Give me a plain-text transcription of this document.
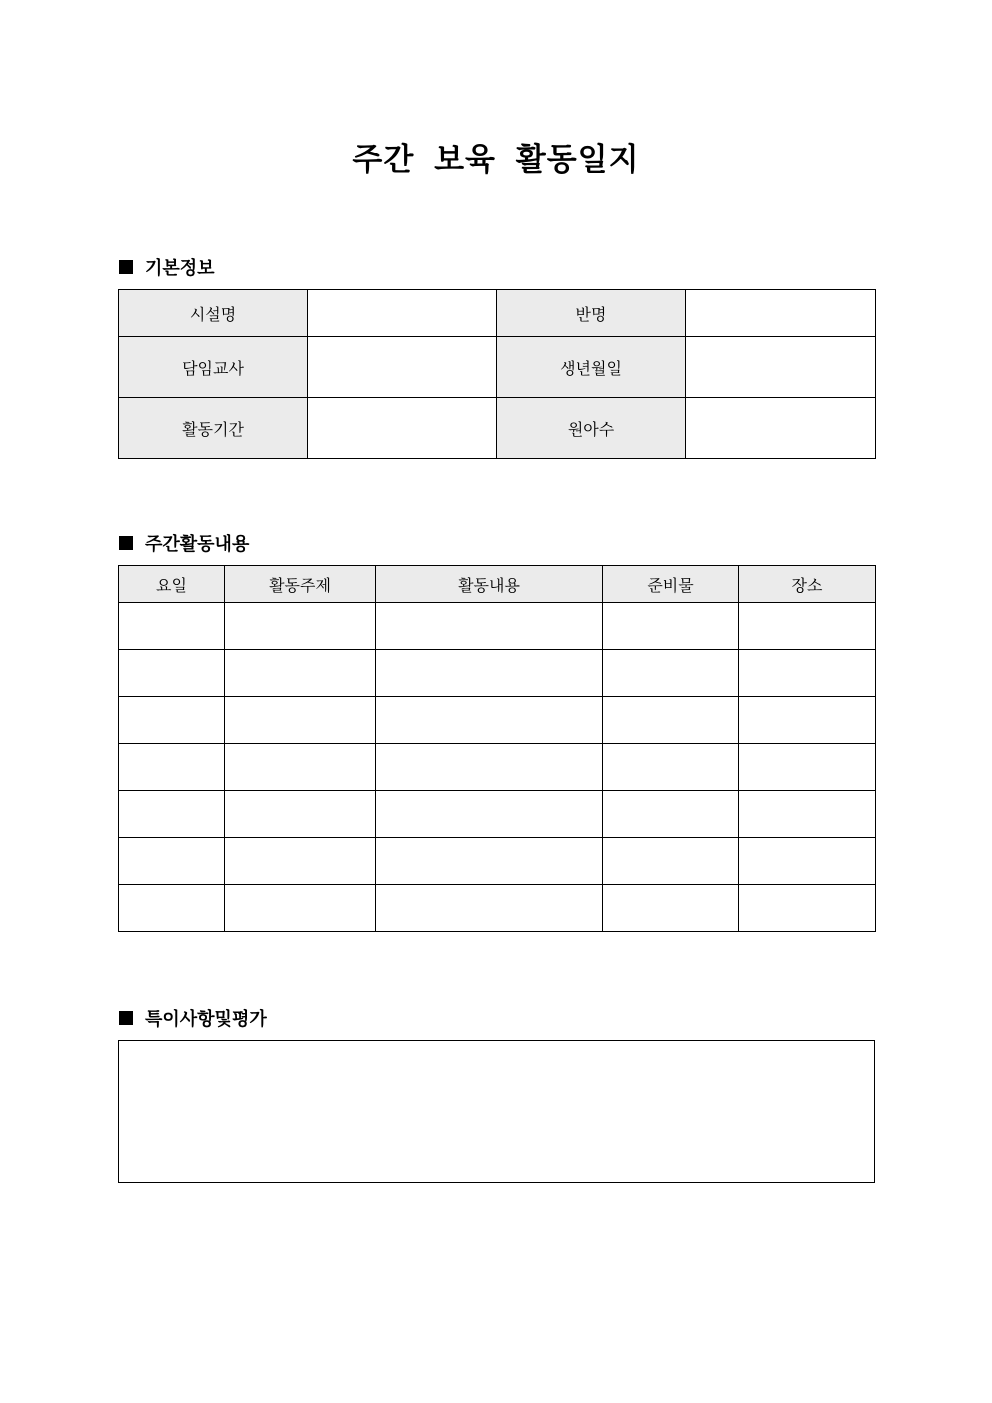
주간 보육 활동일지
기본정보
시설명		반명	
담임교사		생년월일	
활동기간		원아수	
주간활동내용
요일	활동주제	활동내용	준비물	장소

특이사항및평가
